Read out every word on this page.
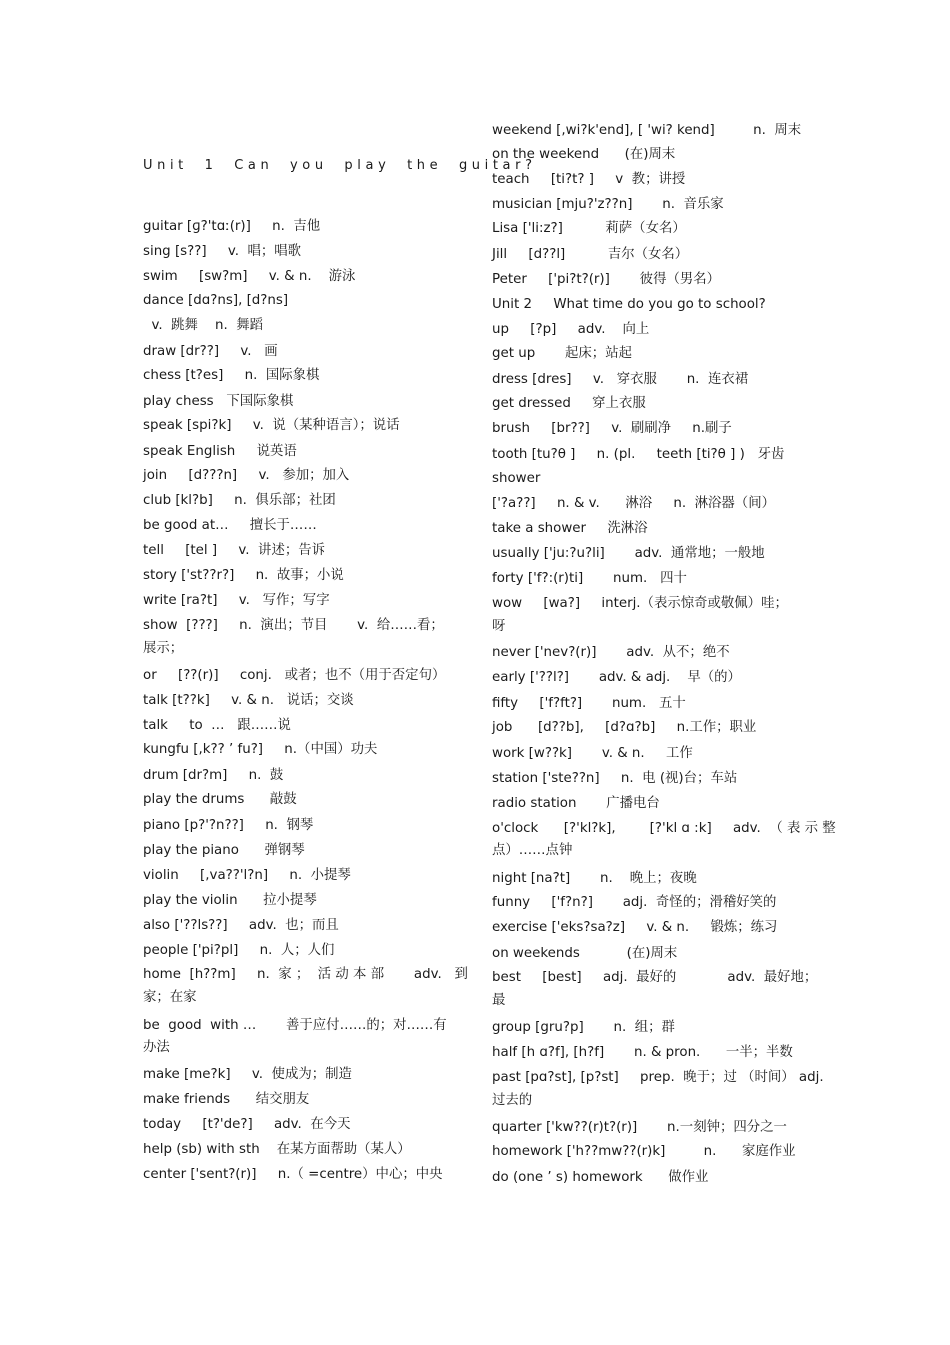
Unit 1 Can you play the guitar?
guitar [ɡ?'tɑː(r)]     n.  吉他
sing [s??]     v.  唱；唱歌
swim     [sw?m]     v. & n.    游泳
dance [dɑ?ns], [d?ns]
v.  跳舞    n.  舞蹈
draw [dr??]     v.   画
chess [t?es]     n.  国际象棋
play chess   下国际象棋
speak [spi?k]     v.  说（某种语言）；说话
speak English     说英语
join     [d???n]     v.   参加；加入
club [kl?b]     n.  俱乐部；社团
be good at…     擅长于……
tell     [tel ]     v.  讲述；告诉
story ['st??r?]     n.  故事；小说
write [ra?t]     v.   写作；写字
show  [???]     n.  演出；节目       v.  给……看；
展示；
or     [??(r)]     conj.   或者；也不（用于否定句）
talk [t??k]     v. & n.   说话；交谈
talk     to  …   跟……说
kungfu [,k?? ’ fu?]     n.（中国）功夫
drum [dr?m]     n.  鼓
play the drums      敲鼓
piano [p?'?n??]     n.  钢琴
play the piano      弹钢琴
violin     [,va??'l?n]     n.  小提琴
play the violin      拉小提琴
also ['??ls??]     adv.  也；而且
people ['pi?pl]     n.  人；人们
home  [h??m]     n.  家 ；  活 动 本 部       adv.   到
家；在家
be  good  with …       善于应付……的；对……有
办法
make [me?k]     v.  使成为；制造
make friends      结交朋友
today     [t?'de?]     adv.  在今天
help (sb) with sth    在某方面帮助（某人）
center ['sent?(r)]     n.（ =centre）中心；中央
weekend [,wi?k'end], [ 'wi? kend]         n.  周末
on the weekend      (在)周末
teach     [ti?t? ]     v  教；讲授
musician [mju?'z??n]       n.  音乐家
Lisa ['li:z?]          莉萨（女名）
Jill     [d??l]          吉尔（女名）
Peter     ['pi?t?(r)]       彼得（男名）
Unit 2     What time do you go to school?
up     [?p]     adv.    向上
get up       起床；站起
dress [dres]     v.   穿衣服       n.  连衣裙
get dressed     穿上衣服
brush     [br??]     v.  刷刷净     n.刷子
tooth [tu?θ ]     n. (pl.     teeth [ti?θ ] )   牙齿
shower
['?a??]     n. & v.      淋浴     n.  淋浴器（间）
take a shower     洗淋浴
usually ['ju:?u?li]       adv.  通常地；一般地
forty ['f?:(r)ti]       num.   四十
wow     [wa?]     interj.（表示惊奇或敬佩）哇；
呀
never ['nev?(r)]       adv.  从不；绝不
early ['??l?]       adv. & adj.    早（的）
fifty     ['f?ft?]       num.   五十
job      [d??b],     [d?ɑ?b]     n.工作；职业
work [w??k]       v. & n.     工作
station ['ste??n]     n.  电 (视)台；车站
radio station       广播电台
o'clock      [?'kl?k],        [?'kl ɑ :k]     adv.  （ 表 示 整
点）……点钟
night [na?t]       n.    晚上；夜晚
funny     ['f?n?]       adj.  奇怪的；滑稽好笑的
exercise ['eks?sa?z]     v. & n.     锻炼；练习
on weekends           (在)周末
best     [best]     adj.  最好的            adv.  最好地；
最
group [gru?p]       n.  组；群
half [h ɑ?f], [h?f]       n. & pron.      一半；半数
past [pɑ?st], [p?st]     prep.  晚于；过 （时间） adj.
过去的
quarter ['kw??(r)t?(r)]       n.一刻钟；四分之一
homework ['h??mw??(r)k]         n.      家庭作业
do (one ’ s) homework      做作业
